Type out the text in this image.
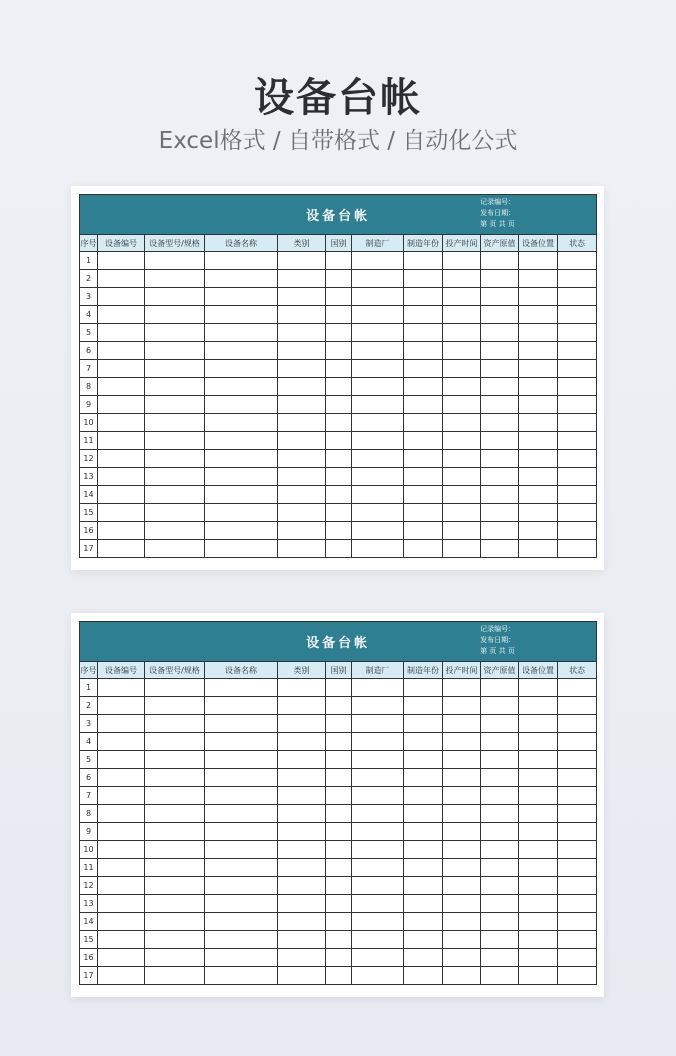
设备台帐
Excel格式 / 自带格式 / 自动化公式
设备台帐
记录编号：
发布日期：
第 页 共 页											

序号	设备编号	设备型号/规格	设备名称	类别	国别	制造厂	制造年份	投产时间	资产原值	设备位置	状态
1											
2											
3											
4											
5											
6											
7											
8											
9											
10											
11											
12											
13											
14											
15											
16											
17											
设备台帐
记录编号：
发布日期：
第 页 共 页											

序号	设备编号	设备型号/规格	设备名称	类别	国别	制造厂	制造年份	投产时间	资产原值	设备位置	状态
1											
2											
3											
4											
5											
6											
7											
8											
9											
10											
11											
12											
13											
14											
15											
16											
17											
